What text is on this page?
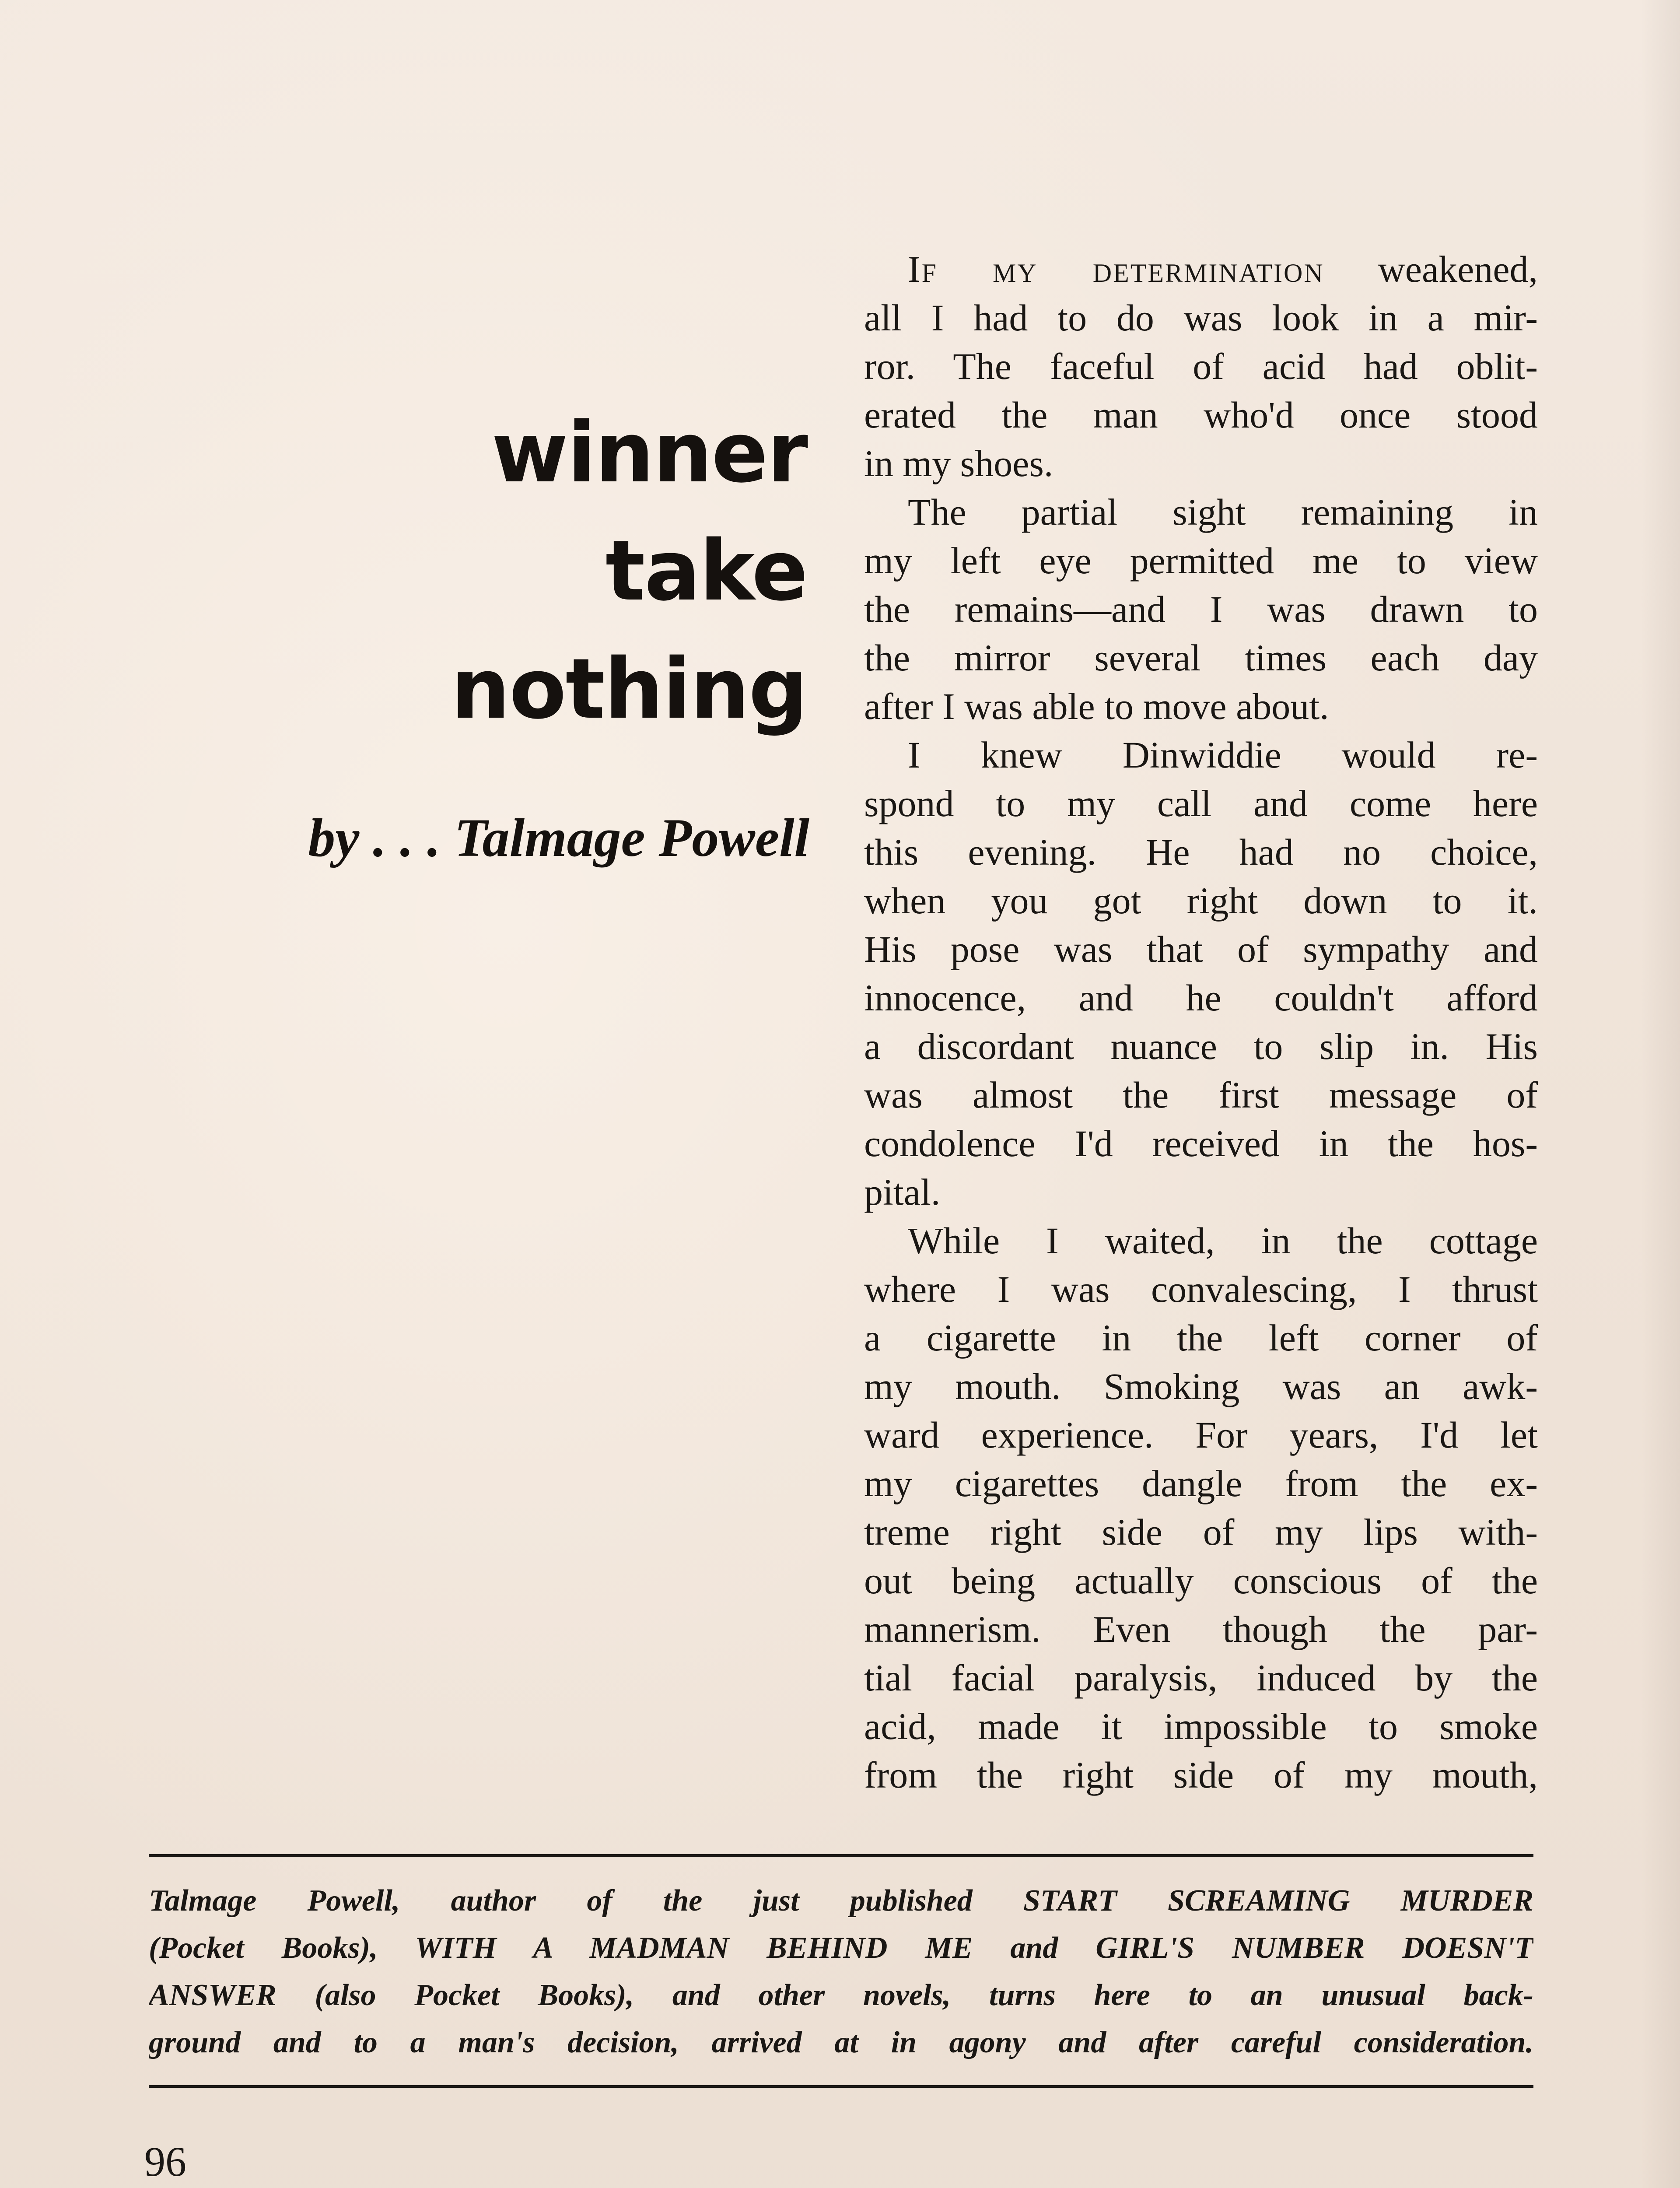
winner
take
nothing
by . . . Talmage Powell
If my determination weakened,
all I had to do was look in a mir-
ror. The faceful of acid had oblit-
erated the man who'd once stood
in my shoes.
The partial sight remaining in
my left eye permitted me to view
the remains—and I was drawn to
the mirror several times each day
after I was able to move about.
I knew Dinwiddie would re-
spond to my call and come here
this evening. He had no choice,
when you got right down to it.
His pose was that of sympathy and
innocence, and he couldn't afford
a discordant nuance to slip in. His
was almost the first message of
condolence I'd received in the hos-
pital.
While I waited, in the cottage
where I was convalescing, I thrust
a cigarette in the left corner of
my mouth. Smoking was an awk-
ward experience. For years, I'd let
my cigarettes dangle from the ex-
treme right side of my lips with-
out being actually conscious of the
mannerism. Even though the par-
tial facial paralysis, induced by the
acid, made it impossible to smoke
from the right side of my mouth,
Talmage Powell, author of the just published START SCREAMING MURDER
(Pocket Books), WITH A MADMAN BEHIND ME and GIRL'S NUMBER DOESN'T
ANSWER (also Pocket Books), and other novels, turns here to an unusual back-
ground and to a man's decision, arrived at in agony and after careful consideration.
96
